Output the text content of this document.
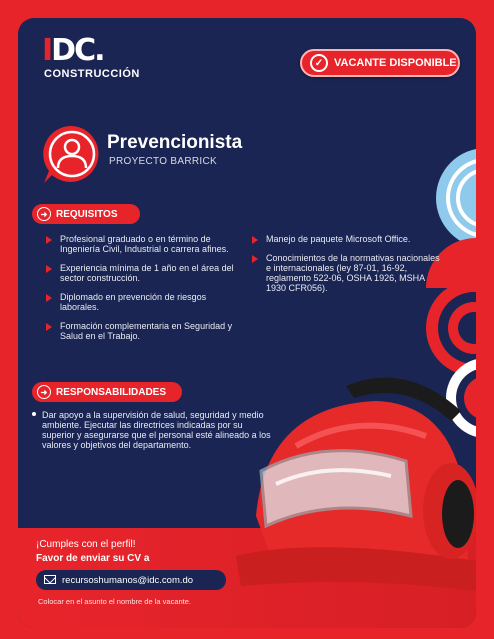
IDC.
CONSTRUCCIÓN
✓ VACANTE DISPONIBLE
Prevencionista
PROYECTO BARRICK
➜ REQUISITOS
Profesional graduado o en término de Ingeniería Civil, Industrial o carrera afines.
Experiencia mínima de 1 año en el área del sector construcción.
Diplomado en prevención de riesgos laborales.
Formación complementaria en Seguridad y Salud en el Trabajo.
Manejo de paquete Microsoft Office.
Conocimientos de la normativas nacionales e internacionales (ley 87-01, 16-92, reglamento 522-06, OSHA 1926, MSHA 1930 CFR056).
➜ RESPONSABILIDADES
Dar apoyo a la supervisión de salud, seguridad y medio ambiente. Ejecutar las directrices indicadas por su superior y asegurarse que el personal esté alineado a los valores y objetivos del departamento.
¡Cumples con el perfil!
Favor de enviar su CV a
recursoshumanos@idc.com.do
Colocar en el asunto el nombre de la vacante.
